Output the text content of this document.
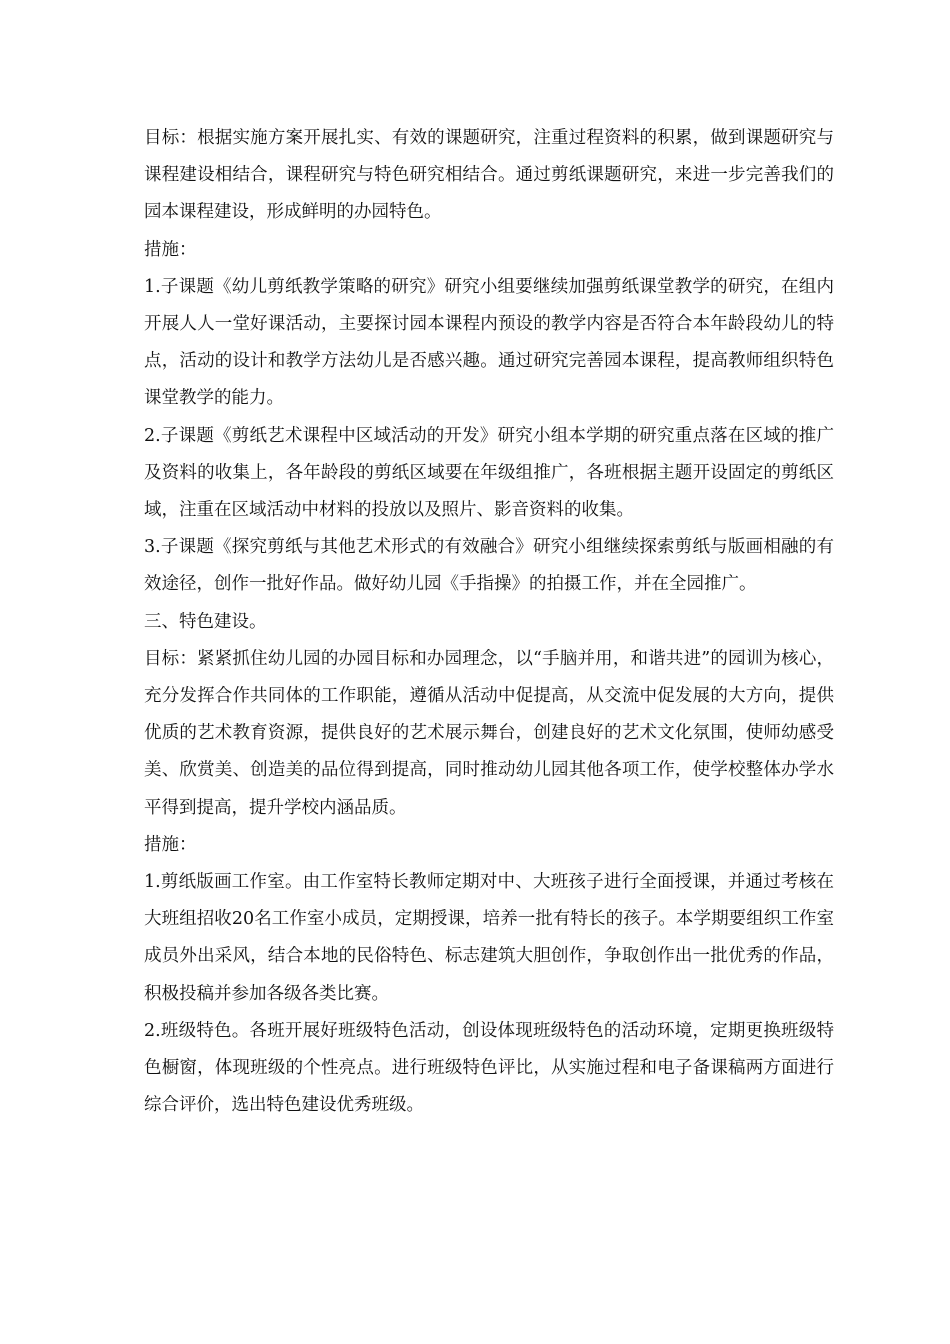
目标：根据实施方案开展扎实、有效的课题研究，注重过程资料的积累，做到课题研究与课程建设相结合，课程研究与特色研究相结合。通过剪纸课题研究，来进一步完善我们的园本课程建设，形成鲜明的办园特色。

措施：

1.子课题《幼儿剪纸教学策略的研究》研究小组要继续加强剪纸课堂教学的研究，在组内开展人人一堂好课活动，主要探讨园本课程内预设的教学内容是否符合本年龄段幼儿的特点，活动的设计和教学方法幼儿是否感兴趣。通过研究完善园本课程，提高教师组织特色课堂教学的能力。

2.子课题《剪纸艺术课程中区域活动的开发》研究小组本学期的研究重点落在区域的推广及资料的收集上，各年龄段的剪纸区域要在年级组推广，各班根据主题开设固定的剪纸区域，注重在区域活动中材料的投放以及照片、影音资料的收集。

3.子课题《探究剪纸与其他艺术形式的有效融合》研究小组继续探索剪纸与版画相融的有效途径，创作一批好作品。做好幼儿园《手指操》的拍摄工作，并在全园推广。

三、特色建设。

目标：紧紧抓住幼儿园的办园目标和办园理念，以“手脑并用，和谐共进”的园训为核心，充分发挥合作共同体的工作职能，遵循从活动中促提高，从交流中促发展的大方向，提供优质的艺术教育资源，提供良好的艺术展示舞台，创建良好的艺术文化氛围，使师幼感受美、欣赏美、创造美的品位得到提高，同时推动幼儿园其他各项工作，使学校整体办学水平得到提高，提升学校内涵品质。

措施：

1.剪纸版画工作室。由工作室特长教师定期对中、大班孩子进行全面授课，并通过考核在大班组招收20名工作室小成员，定期授课，培养一批有特长的孩子。本学期要组织工作室成员外出采风，结合本地的民俗特色、标志建筑大胆创作，争取创作出一批优秀的作品，积极投稿并参加各级各类比赛。

2.班级特色。各班开展好班级特色活动，创设体现班级特色的活动环境，定期更换班级特色橱窗，体现班级的个性亮点。进行班级特色评比，从实施过程和电子备课稿两方面进行综合评价，选出特色建设优秀班级。
